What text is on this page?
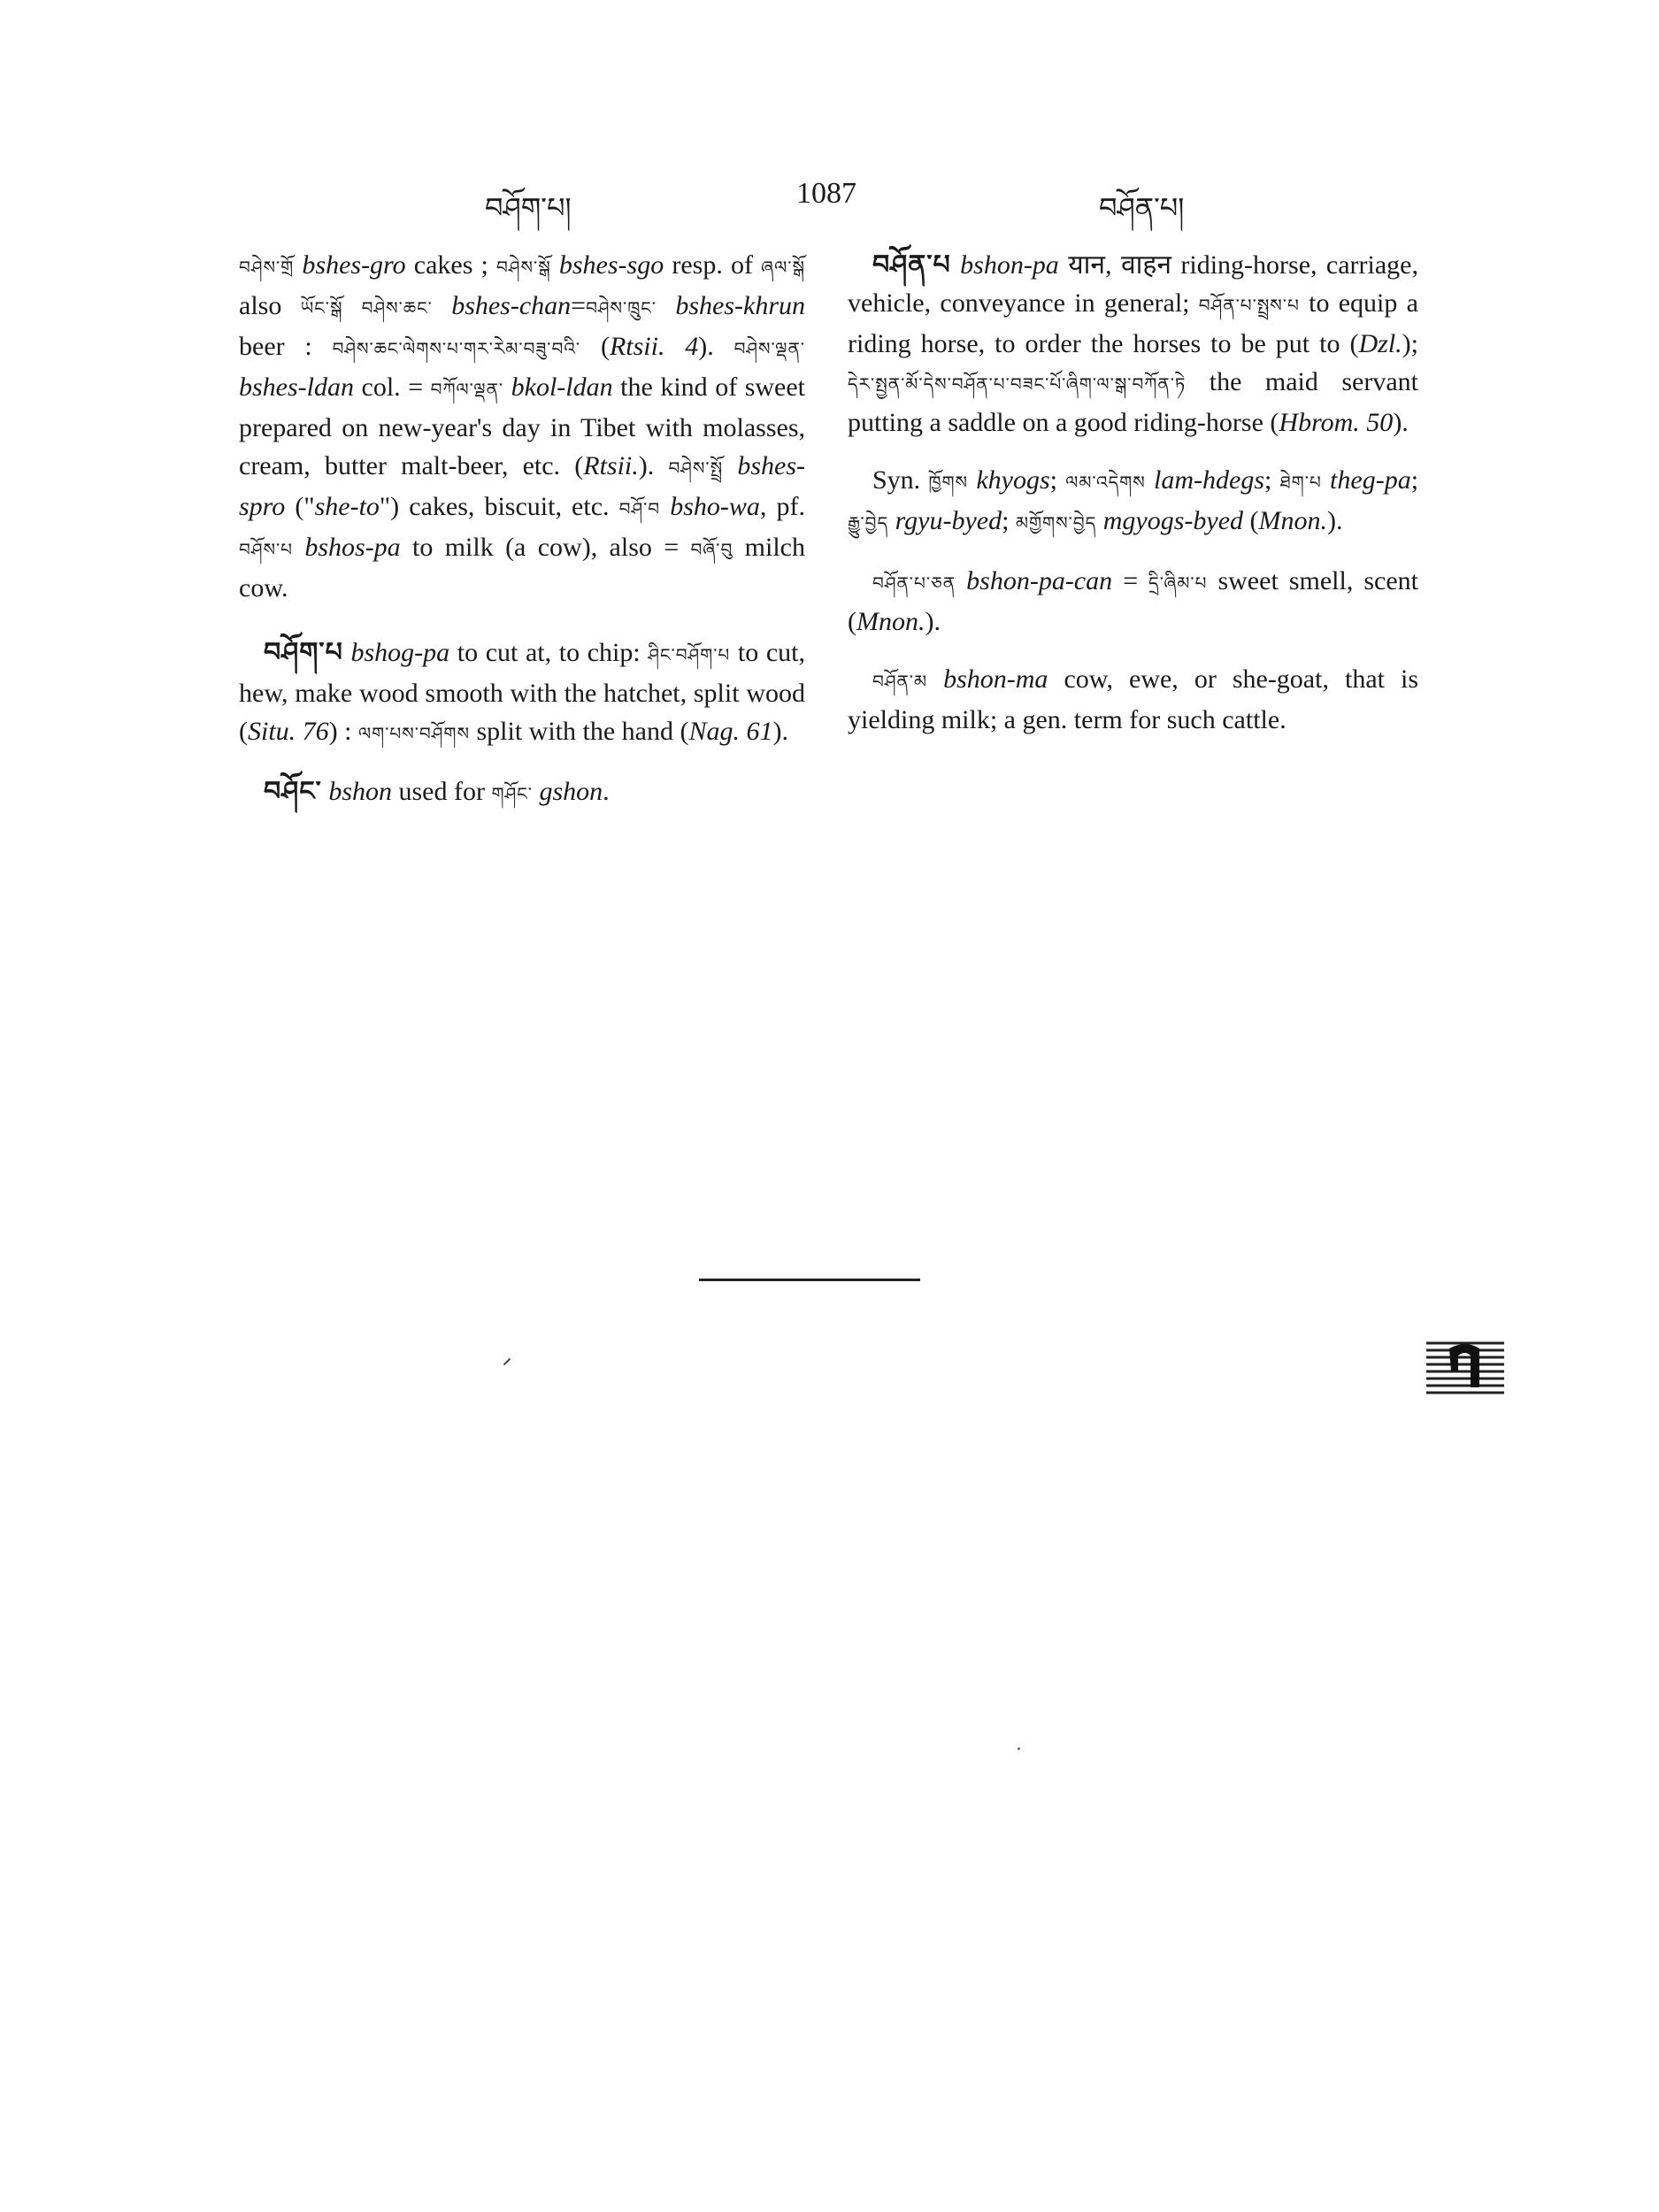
བཤོག་པ།	1087	བཤོན་པ།

བཤེས་གྲོ bshes-gro cakes ; བཤེས་སྒོ bshes-sgo resp. of ཞལ་སྒོ also ཡོང་སྒོ བཤེས་ཆང་ bshes-chan=བཤེས་ཁྲུང་ bshes-khrun beer : བཤེས་ཆང་ལེགས་པ་གར་རེམ་བཟུ་བའི་ (Rtsii. 4). བཤེས་ལྡན་ bshes-ldan col. = བཀོལ་ལྡན་ bkol-ldan the kind of sweet prepared on new-year's day in Tibet with molasses, cream, butter malt-beer, etc. (Rtsii.). བཤེས་སྤྲོ bshes-spro ("she-to") cakes, biscuit, etc. བཤོ་བ bsho-wa, pf. བཤོས་པ bshos-pa to milk (a cow), also = བཞོ་བུ milch cow.

བཤོག་པ bshog-pa to cut at, to chip: ཤིང་བཤོག་པ to cut, hew, make wood smooth with the hatchet, split wood (Situ. 76) : ལག་པས་བཤོགས split with the hand (Nag. 61).

བཤོང་ bshon used for གཤོང་ gshon.

བཤོན་པ bshon-pa यान, वाहन riding-horse, carriage, vehicle, conveyance in general; བཤོན་པ་སྤྲས་པ to equip a riding horse, to order the horses to be put to (Dzl.); དེར་སྤྱན་མོ་དེས་བཤོན་པ་བཟང་པོ་ཞིག་ལ་སྒ་བཀོན་ཏེ the maid servant putting a saddle on a good riding-horse (Hbrom. 50).

Syn. ཁྱོགས khyogs; ལམ་འདེགས lam-hdegs; ཐེག་པ theg-pa; རྒྱུ་བྱེད rgyu-byed; མགྱོགས་བྱེད mgyogs-byed (Mnon.).

བཤོན་པ་ཅན bshon-pa-can = དྲི་ཞིམ་པ sweet smell, scent (Mnon.).

བཤོན་མ bshon-ma cow, ewe, or she-goat, that is yielding milk; a gen. term for such cattle.
